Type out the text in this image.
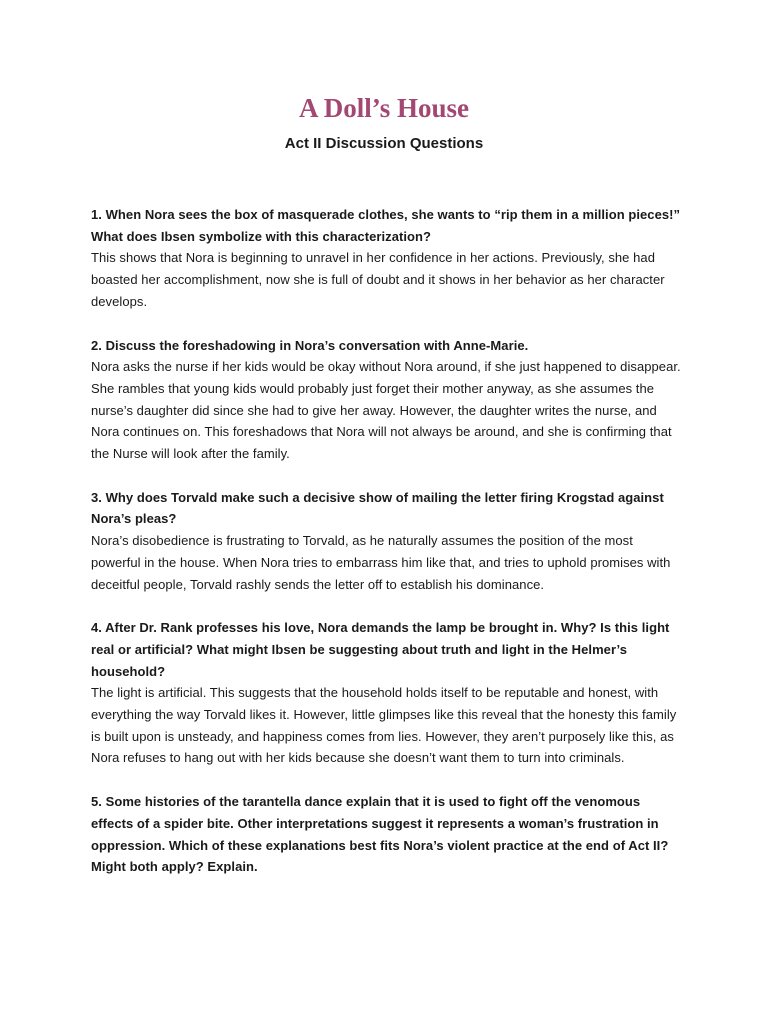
A Doll’s House
Act II Discussion Questions

1. When Nora sees the box of masquerade clothes, she wants to “rip them in a million pieces!” What does Ibsen symbolize with this characterization?

This shows that Nora is beginning to unravel in her confidence in her actions. Previously, she had boasted her accomplishment, now she is full of doubt and it shows in her behavior as her character develops.

2. Discuss the foreshadowing in Nora’s conversation with Anne-Marie.

Nora asks the nurse if her kids would be okay without Nora around, if she just happened to disappear. She rambles that young kids would probably just forget their mother anyway, as she assumes the nurse’s daughter did since she had to give her away. However, the daughter writes the nurse, and Nora continues on. This foreshadows that Nora will not always be around, and she is confirming that the Nurse will look after the family.

3. Why does Torvald make such a decisive show of mailing the letter firing Krogstad against Nora’s pleas?

Nora’s disobedience is frustrating to Torvald, as he naturally assumes the position of the most powerful in the house. When Nora tries to embarrass him like that, and tries to uphold promises with deceitful people, Torvald rashly sends the letter off to establish his dominance.

4. After Dr. Rank professes his love, Nora demands the lamp be brought in. Why? Is this light real or artificial? What might Ibsen be suggesting about truth and light in the Helmer’s household?

The light is artificial. This suggests that the household holds itself to be reputable and honest, with everything the way Torvald likes it. However, little glimpses like this reveal that the honesty this family is built upon is unsteady, and happiness comes from lies. However, they aren’t purposely like this, as Nora refuses to hang out with her kids because she doesn’t want them to turn into criminals.

5. Some histories of the tarantella dance explain that it is used to fight off the venomous effects of a spider bite. Other interpretations suggest it represents a woman’s frustration in oppression. Which of these explanations best fits Nora’s violent practice at the end of Act II? Might both apply? Explain.
